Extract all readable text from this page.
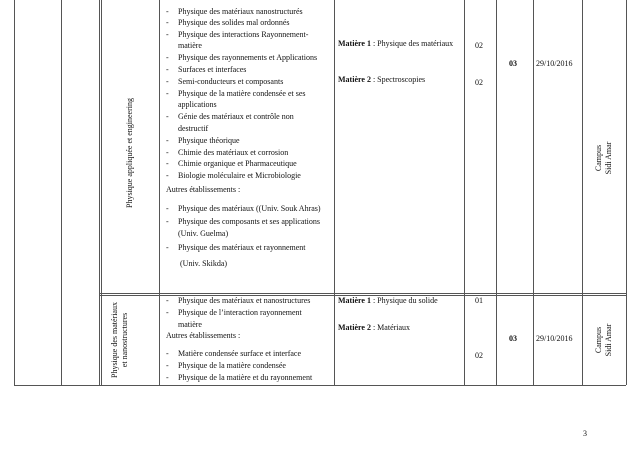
Physique appliquée et engineering
- Physique des matériaux nanostructurés
- Physique des solides mal ordonnés
- Physique des interactions Rayonnement-
matière
- Physique des rayonnements et Applications
- Surfaces et interfaces
- Semi-conducteurs et composants
- Physique de la matière condensée et ses
applications
- Génie des matériaux et contrôle non
destructif
- Physique théorique
- Chimie des matériaux et corrosion
- Chimie organique et Pharmaceutique
- Biologie moléculaire et Microbiologie
Autres établissements :
- Physique des matériaux ((Univ. Souk Ahras)
- Physique des composants et ses applications
(Univ. Guelma)
- Physique des matériaux et rayonnement
(Univ. Skikda)
Matière 1 : Physique des matériaux
Matière 2 : Spectroscopies
02
02
03 29/10/2016
Campus Sidi Amar
Physique des matériaux et nanostructures
- Physique des matériaux et nanostructures
- Physique de l’interaction rayonnement
matière
Autres établissements :
- Matière condensée surface et interface
- Physique de la matière condensée
- Physique de la matière et du rayonnement
Matière 1 : Physique du solide
Matière 2 : Matériaux
01
02
03 29/10/2016	Campus Sidi Amar
3
